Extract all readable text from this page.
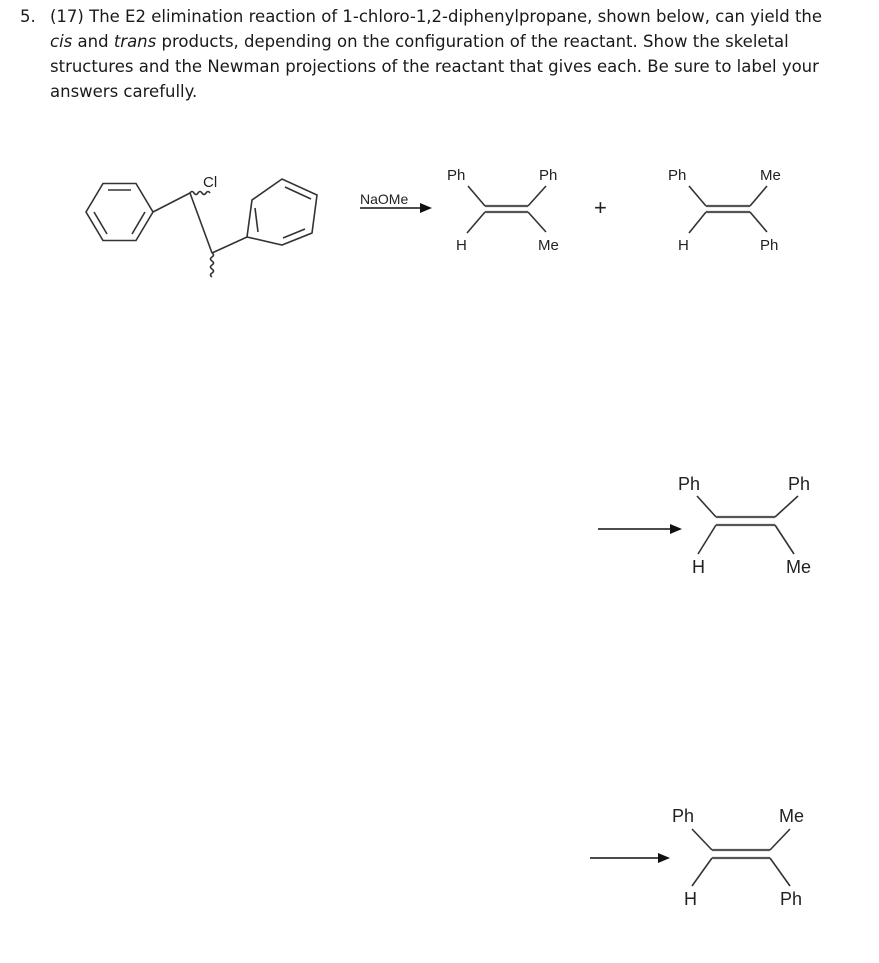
5. (17) The E2 elimination reaction of 1-chloro-1,2-diphenylpropane, shown below, can yield the cis and trans products, depending on the configuration of the reactant. Show the skeletal structures and the Newman projections of the reactant that gives each. Be sure to label your answers carefully.
Cl
NaOMe
Ph	Ph
H	Me
+
Ph	Me
H	Ph
Ph	Ph
H	Me
Ph	Me
H	Ph
